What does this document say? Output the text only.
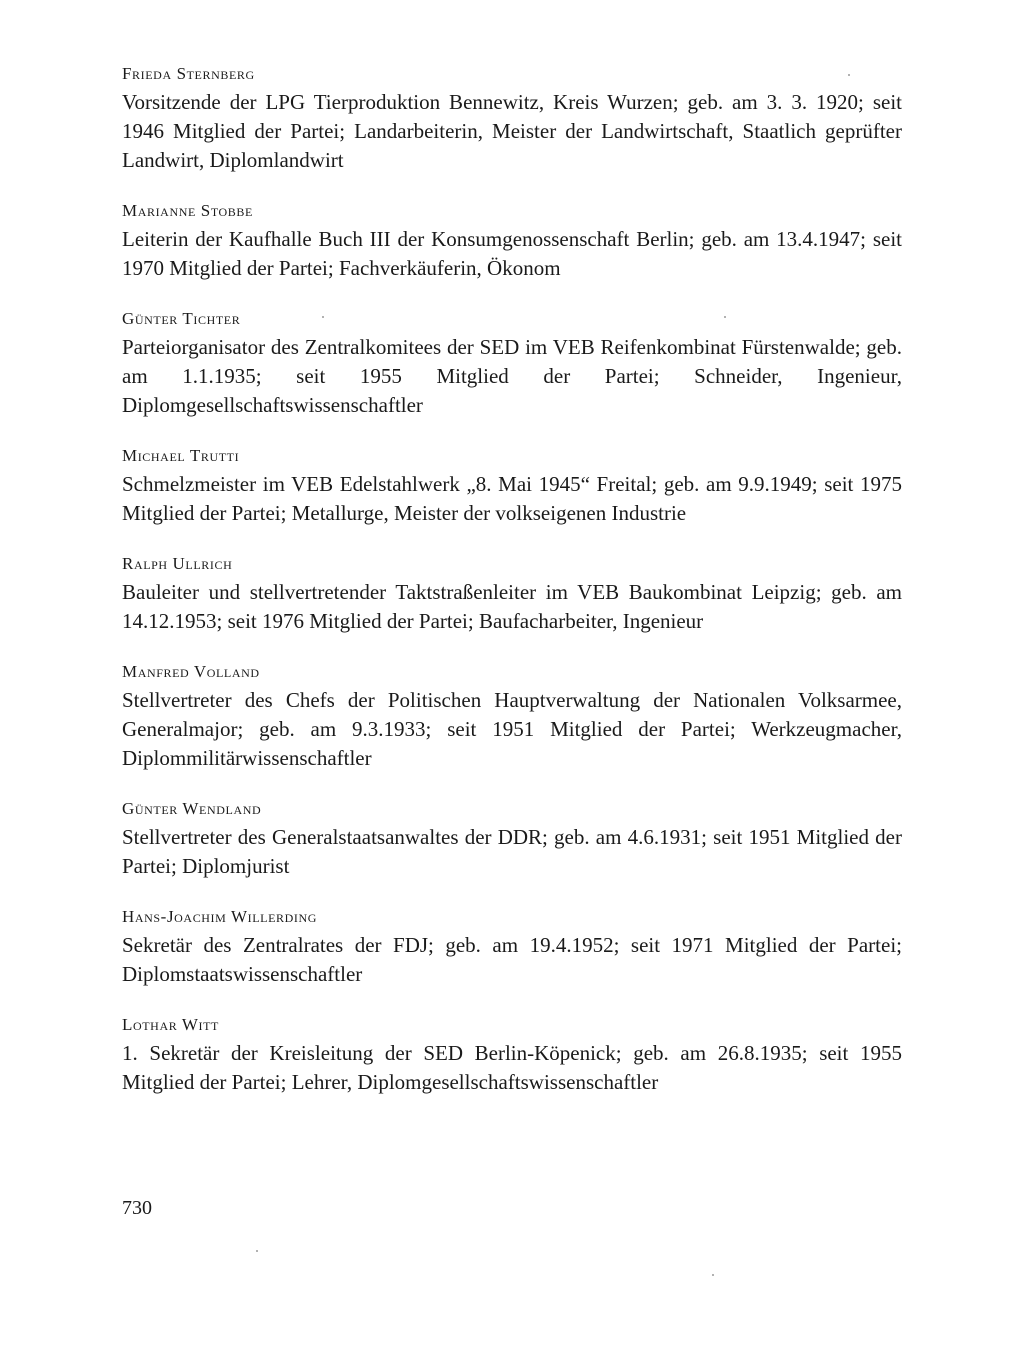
Frieda Sternberg

Vorsitzende der LPG Tierproduktion Bennewitz, Kreis Wurzen; geb. am 3. 3. 1920; seit 1946 Mitglied der Partei; Landarbeiterin, Meister der Landwirtschaft, Staatlich geprüfter Landwirt, Diplomlandwirt

Marianne Stobbe

Leiterin der Kaufhalle Buch III der Konsumgenossenschaft Berlin; geb. am 13.4.1947; seit 1970 Mitglied der Partei; Fachverkäuferin, Ökonom

Günter Tichter

Parteiorganisator des Zentralkomitees der SED im VEB Reifenkombinat Fürstenwalde; geb. am 1.1.1935; seit 1955 Mitglied der Partei; Schneider, Ingenieur, Diplomgesellschaftswissenschaftler

Michael Trutti

Schmelzmeister im VEB Edelstahlwerk „8. Mai 1945“ Freital; geb. am 9.9.1949; seit 1975 Mitglied der Partei; Metallurge, Meister der volkseigenen Industrie

Ralph Ullrich

Bauleiter und stellvertretender Taktstraßenleiter im VEB Baukombinat Leipzig; geb. am 14.12.1953; seit 1976 Mitglied der Partei; Baufacharbeiter, Ingenieur

Manfred Volland

Stellvertreter des Chefs der Politischen Hauptverwaltung der Nationalen Volksarmee, Generalmajor; geb. am 9.3.1933; seit 1951 Mitglied der Partei; Werkzeugmacher, Diplommilitärwissenschaftler

Günter Wendland

Stellvertreter des Generalstaatsanwaltes der DDR; geb. am 4.6.1931; seit 1951 Mitglied der Partei; Diplomjurist

Hans-Joachim Willerding

Sekretär des Zentralrates der FDJ; geb. am 19.4.1952; seit 1971 Mitglied der Partei; Diplomstaatswissenschaftler

Lothar Witt

1. Sekretär der Kreisleitung der SED Berlin-Köpenick; geb. am 26.8.1935; seit 1955 Mitglied der Partei; Lehrer, Diplomgesellschaftswissenschaftler

730
